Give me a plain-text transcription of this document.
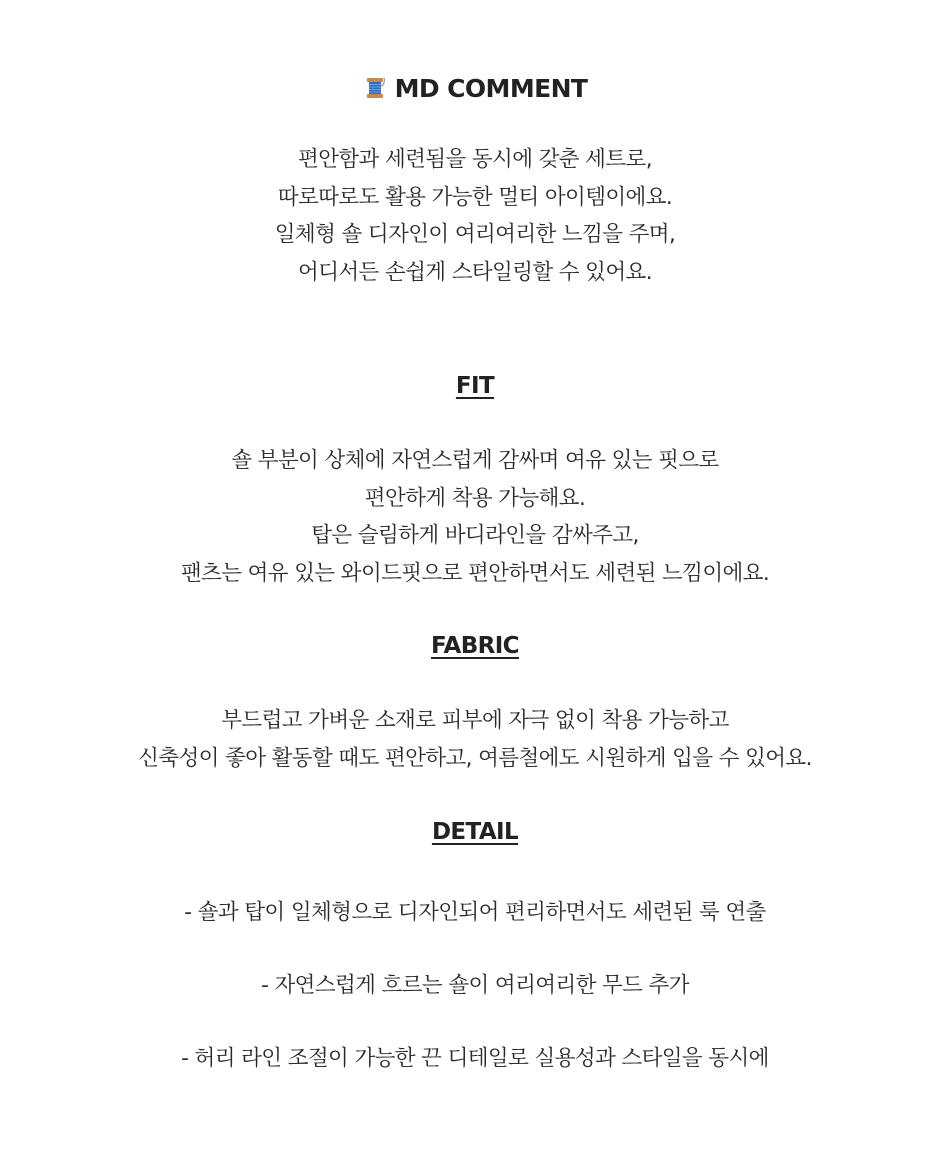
MD COMMENT
편안함과 세련됨을 동시에 갖춘 세트로,
따로따로도 활용 가능한 멀티 아이템이에요.
일체형 숄 디자인이 여리여리한 느낌을 주며,
어디서든 손쉽게 스타일링할 수 있어요.
FIT
숄 부분이 상체에 자연스럽게 감싸며 여유 있는 핏으로
편안하게 착용 가능해요.
탑은 슬림하게 바디라인을 감싸주고,
팬츠는 여유 있는 와이드핏으로 편안하면서도 세련된 느낌이에요.
FABRIC
부드럽고 가벼운 소재로 피부에 자극 없이 착용 가능하고
신축성이 좋아 활동할 때도 편안하고, 여름철에도 시원하게 입을 수 있어요.
DETAIL
- 숄과 탑이 일체형으로 디자인되어 편리하면서도 세련된 룩 연출
- 자연스럽게 흐르는 숄이 여리여리한 무드 추가
- 허리 라인 조절이 가능한 끈 디테일로 실용성과 스타일을 동시에
